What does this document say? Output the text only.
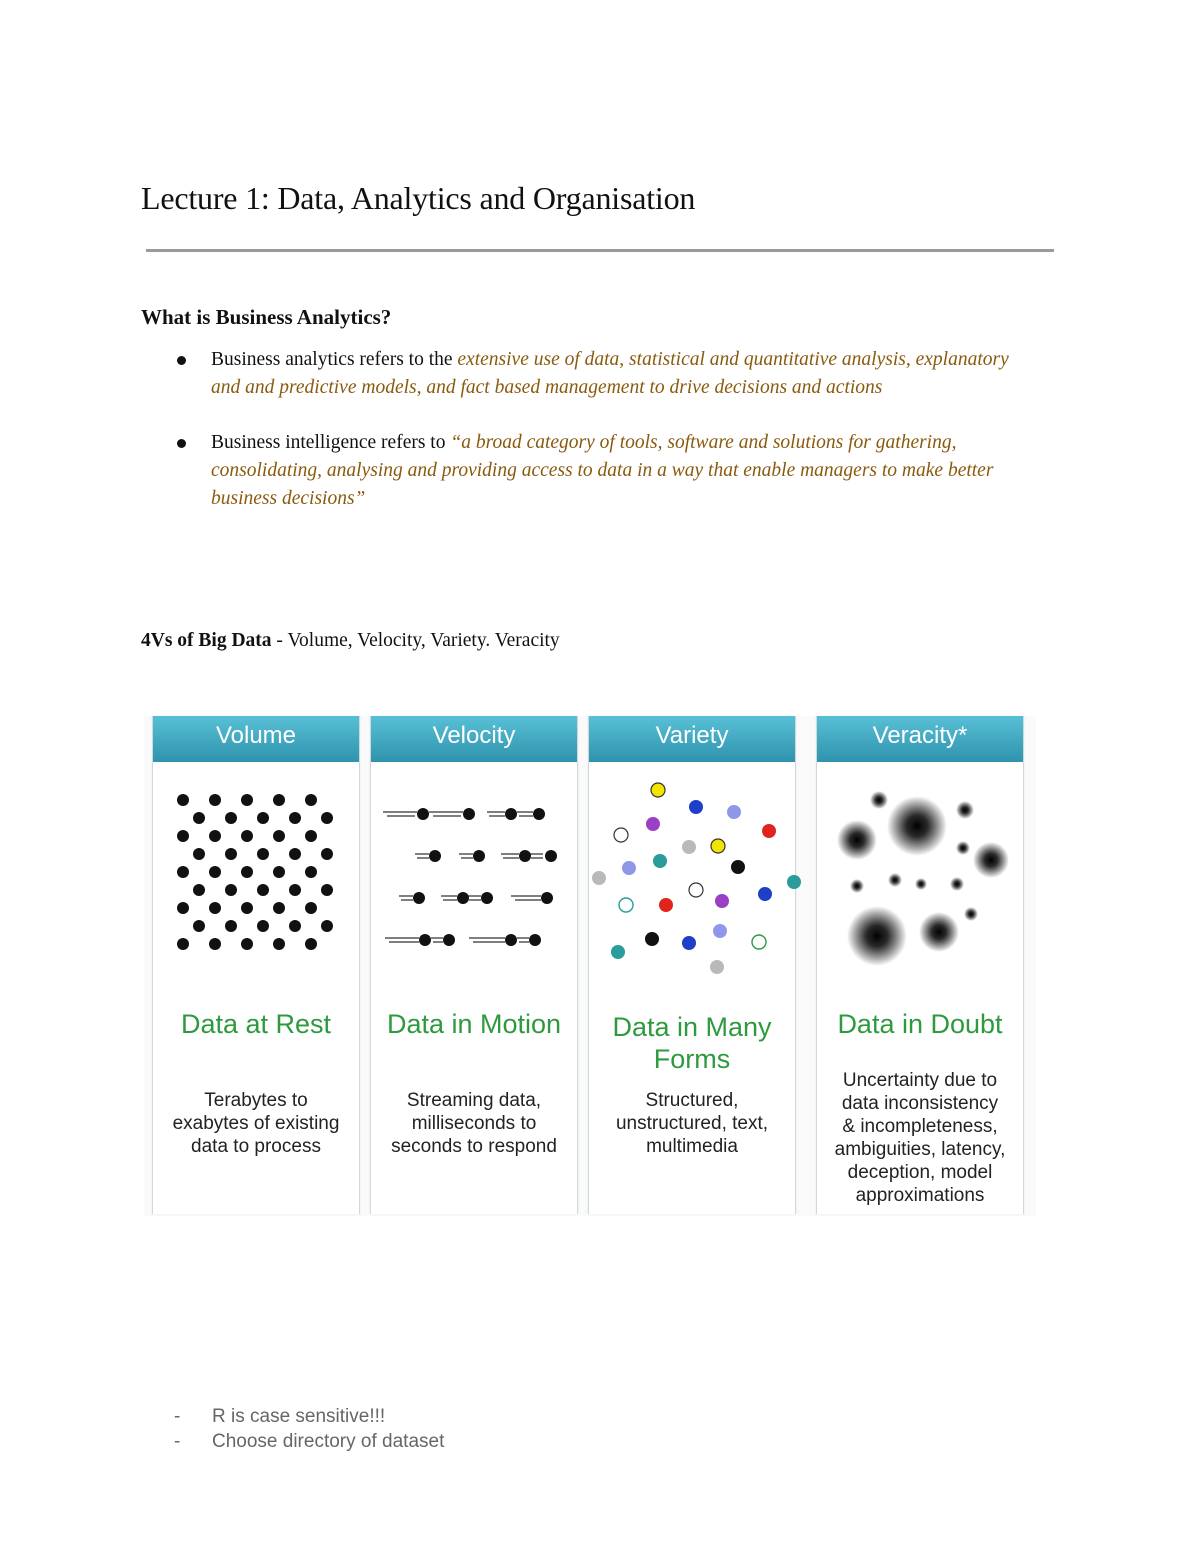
Lecture 1: Data, Analytics and Organisation
What is Business Analytics?
Business analytics refers to the extensive use of data, statistical and quantitative analysis, explanatory and and predictive models, and fact based management to drive decisions and actions
Business intelligence refers to “a broad category of tools, software and solutions for gathering, consolidating, analysing and providing access to data in a way that enable managers to make better business decisions”
4Vs of Big Data - Volume, Velocity, Variety. Veracity
Volume
Data at Rest
Terabytes to
exabytes of existing
data to process
Velocity
Data in Motion
Streaming data,
milliseconds to
seconds to respond
Variety
Data in Many
Forms
Structured,
unstructured, text,
multimedia
Veracity*
Data in Doubt
Uncertainty due to
data inconsistency
& incompleteness,
ambiguities, latency,
deception, model
approximations
- R is case sensitive!!!
- Choose directory of dataset
